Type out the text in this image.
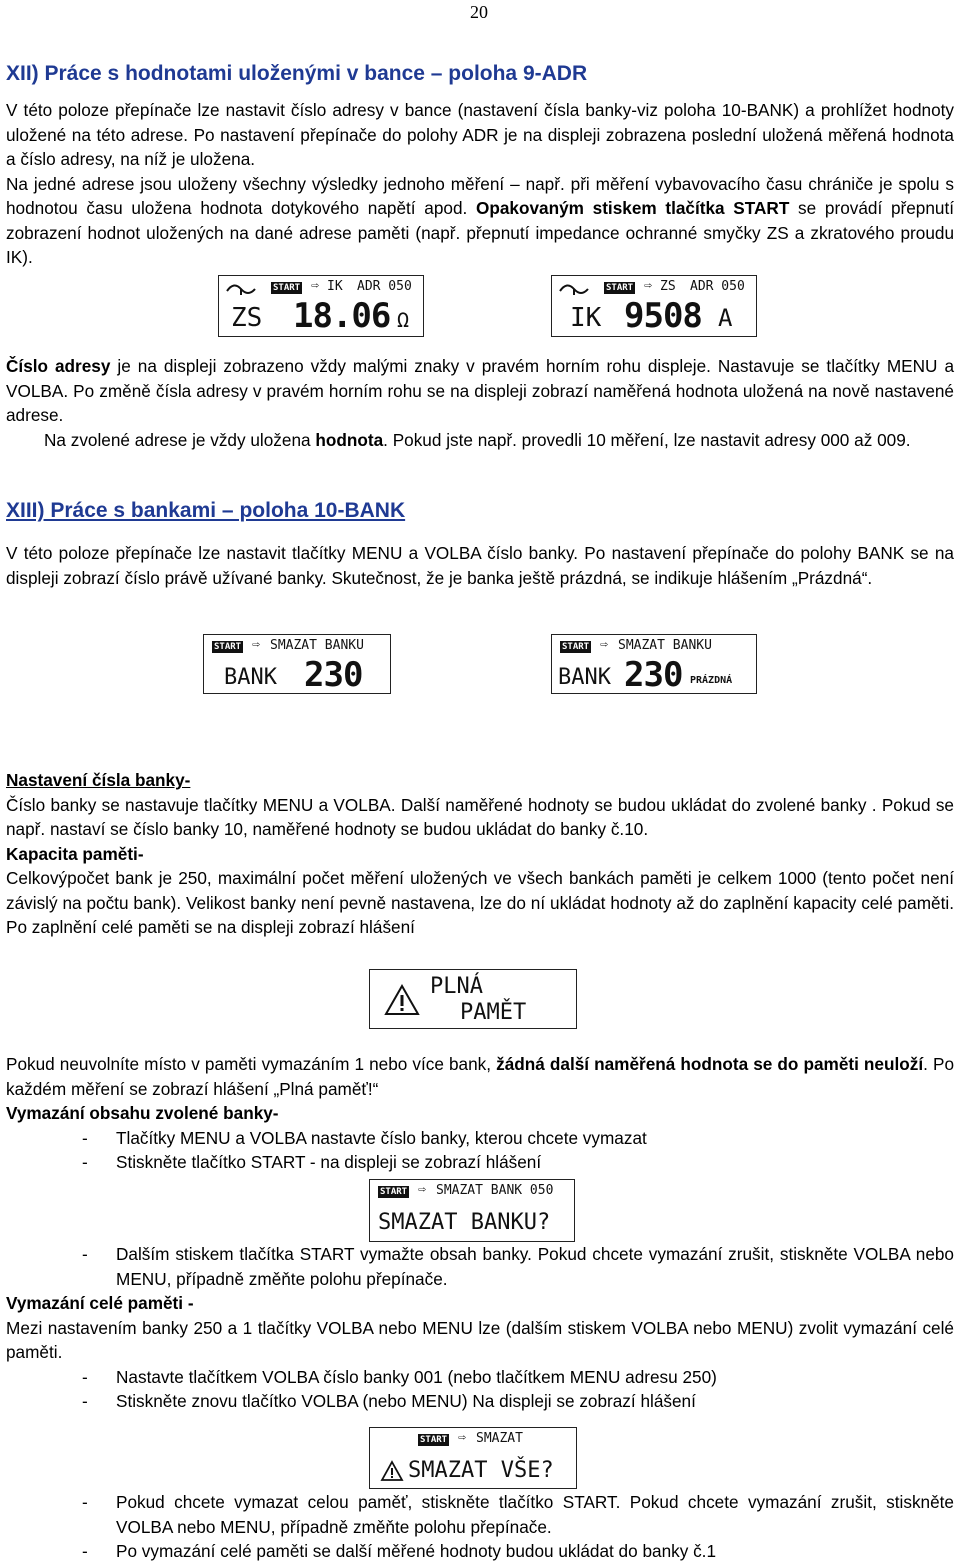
20
XII) Práce s hodnotami uloženými v bance – poloha 9-ADR

V této poloze přepínače lze nastavit číslo adresy v bance (nastavení čísla banky-viz poloha 10-BANK) a prohlížet hodnoty uložené na této adrese. Po nastavení přepínače do polohy ADR je na displeji zobrazena poslední uložená měřená hodnota a číslo adresy, na níž je uložena.

Na jedné adrese jsou uloženy všechny výsledky jednoho měření – např. při měření vybavovacího času chrániče je spolu s hodnotou času uložena hodnota dotykového napětí apod. Opakovaným stiskem tlačítka START se provádí přepnutí zobrazení hodnot uložených na dané adrese paměti (např. přepnutí impedance ochranné smyčky ZS a zkratového proudu IK).

START ⇨ IK ADR 050
ZS 18.06 Ω
START ⇨ ZS ADR 050
IK 9508 A

Číslo adresy je na displeji zobrazeno vždy malými znaky v pravém horním rohu displeje. Nastavuje se tlačítky MENU a VOLBA. Po změně čísla adresy v pravém horním rohu se na displeji zobrazí naměřená hodnota uložená na nově nastavené adrese.

Na zvolené adrese je vždy uložena hodnota. Pokud jste např. provedli 10 měření, lze nastavit adresy 000 až 009.

XIII) Práce s bankami – poloha 10-BANK

V této poloze přepínače lze nastavit tlačítky MENU a VOLBA číslo banky. Po nastavení přepínače do polohy BANK se na displeji zobrazí číslo právě užívané banky. Skutečnost, že je banka ještě prázdná, se indikuje hlášením „Prázdná“.

START ⇨ SMAZAT BANKU
BANK 230
START ⇨ SMAZAT BANKU
BANK 230 PRÁZDNÁ

Nastavení čísla banky-

Číslo banky se nastavuje tlačítky MENU a VOLBA. Další naměřené hodnoty se budou ukládat do zvolené banky . Pokud se např. nastaví se číslo banky 10, naměřené hodnoty se budou ukládat do banky č.10.

Kapacita paměti-

Celkovýpočet bank je 250, maximální počet měření uložených ve všech bankách paměti je celkem 1000 (tento počet není závislý na počtu bank). Velikost banky není pevně nastavena, lze do ní ukládat hodnoty až do zaplnění kapacity celé paměti. Po zaplnění celé paměti se na displeji zobrazí hlášení

PLNÁ
PAMĚT

Pokud neuvolníte místo v paměti vymazáním 1 nebo více bank, žádná další naměřená hodnota se do paměti neuloží. Po každém měření se zobrazí hlášení „Plná paměť!“

Vymazání obsahu zvolené banky-

-	Tlačítky MENU a VOLBA nastavte číslo banky, kterou chcete vymazat
-	Stiskněte tlačítko START - na displeji se zobrazí hlášení
START ⇨ SMAZAT BANK 050
SMAZAT BANKU?
-	Dalším stiskem tlačítka START vymažte obsah banky. Pokud chcete vymazání zrušit, stiskněte VOLBA nebo MENU, případně změňte polohu přepínače.

Vymazání celé paměti -

Mezi nastavením banky 250 a 1 tlačítky VOLBA nebo MENU lze (dalším stiskem VOLBA nebo MENU) zvolit vymazání celé paměti.

-	Nastavte tlačítkem VOLBA číslo banky 001 (nebo tlačítkem MENU adresu 250)
-	Stiskněte znovu tlačítko VOLBA (nebo MENU) Na displeji se zobrazí hlášení
START ⇨ SMAZAT
SMAZAT VŠE?
-	Pokud chcete vymazat celou paměť, stiskněte tlačítko START. Pokud chcete vymazání zrušit, stiskněte VOLBA nebo MENU, případně změňte polohu přepínače.
-	Po vymazání celé paměti se další měřené hodnoty budou ukládat do banky č.1
